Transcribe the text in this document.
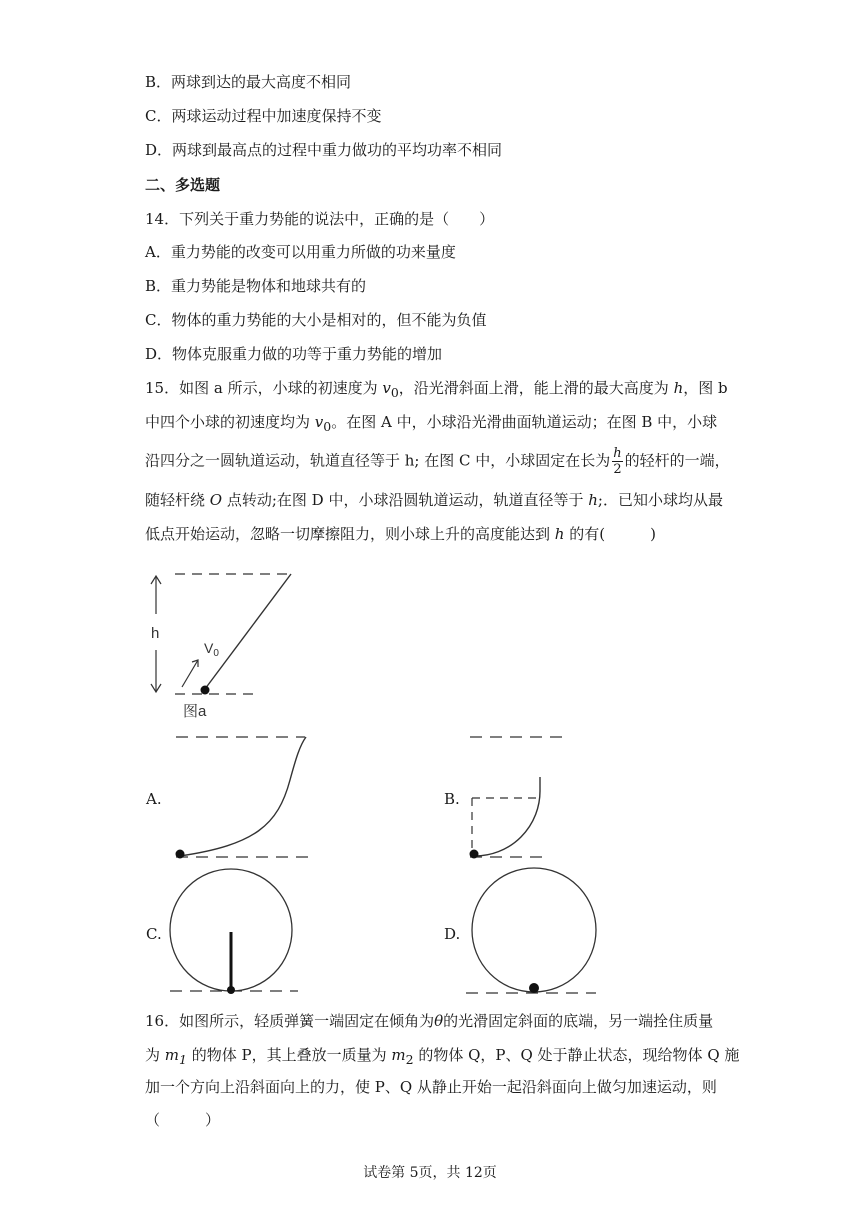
B．两球到达的最大高度不相同
C．两球运动过程中加速度保持不变
D．两球到最高点的过程中重力做功的平均功率不相同
二、多选题
14．下列关于重力势能的说法中，正确的是（　　）
A．重力势能的改变可以用重力所做的功来量度
B．重力势能是物体和地球共有的
C．物体的重力势能的大小是相对的，但不能为负值
D．物体克服重力做的功等于重力势能的增加
15．如图 a 所示，小球的初速度为 $v_0$，沿光滑斜面上滑，能上滑的最大高度为 h，图 b
中四个小球的初速度均为 $v_0$。在图 A 中，小球沿光滑曲面轨道运动；在图 B 中，小球
沿四分之一圆轨道运动，轨道直径等于 h; 在图 C 中，小球固定在长为 $\frac{h}{2}$ 的轻杆的一端，
随轻杆绕 O 点转动;在图 D 中，小球沿圆轨道运动，轨道直径等于 h;．已知小球均从最
低点开始运动，忽略一切摩擦阻力，则小球上升的高度能达到 h 的有(　　　)
h
$V_0$
图a
A.	B.
C.	D.
16．如图所示，轻质弹簧一端固定在倾角为θ的光滑固定斜面的底端，另一端拴住质量
为 $m_1$ 的物体 P，其上叠放一质量为 $m_2$ 的物体 Q，P、Q 处于静止状态，现给物体 Q 施
加一个方向上沿斜面向上的力，使 P、Q 从静止开始一起沿斜面向上做匀加速运动，则
（　　　）
试卷第 5页，共 12页
